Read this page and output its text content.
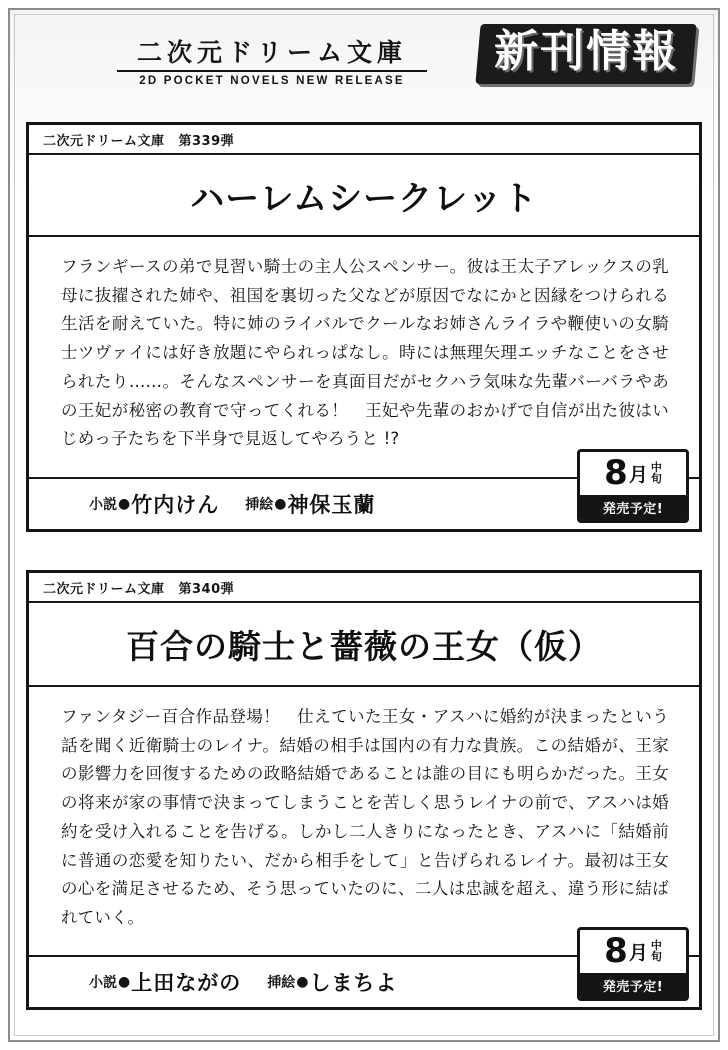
二次元ドリーム文庫
2D POCKET NOVELS NEW RELEASE
新刊情報
二次元ドリーム文庫	第339弾
ハーレムシークレット
フランギースの弟で見習い騎士の主人公スペンサー。彼は王太子アレックスの乳母に抜擢された姉や、祖国を裏切った父などが原因でなにかと因縁をつけられる生活を耐えていた。特に姉のライバルでクールなお姉さんライラや鞭使いの女騎士ツヴァイには好き放題にやられっぱなし。時には無理矢理エッチなことをさせられたり……。そんなスペンサーを真面目だがセクハラ気味な先輩バーバラやあの王妃が秘密の教育で守ってくれる！　王妃や先輩のおかげで自信が出た彼はいじめっ子たちを下半身で見返してやろうと !?
小説 ● 竹内けん 挿絵 ● 神保玉蘭
8 月 中
旬
発売予定!
二次元ドリーム文庫	第340弾
百合の騎士と薔薇の王女（仮）
ファンタジー百合作品登場！　仕えていた王女・アスハに婚約が決まったという話を聞く近衛騎士のレイナ。結婚の相手は国内の有力な貴族。この結婚が、王家の影響力を回復するための政略結婚であることは誰の目にも明らかだった。王女の将来が家の事情で決まってしまうことを苦しく思うレイナの前で、アスハは婚約を受け入れることを告げる。しかし二人きりになったとき、アスハに「結婚前に普通の恋愛を知りたい、だから相手をして」と告げられるレイナ。最初は王女の心を満足させるため、そう思っていたのに、二人は忠誠を超え、違う形に結ばれていく。
小説 ● 上田ながの 挿絵 ● しまちよ
8 月 中
旬
発売予定!
